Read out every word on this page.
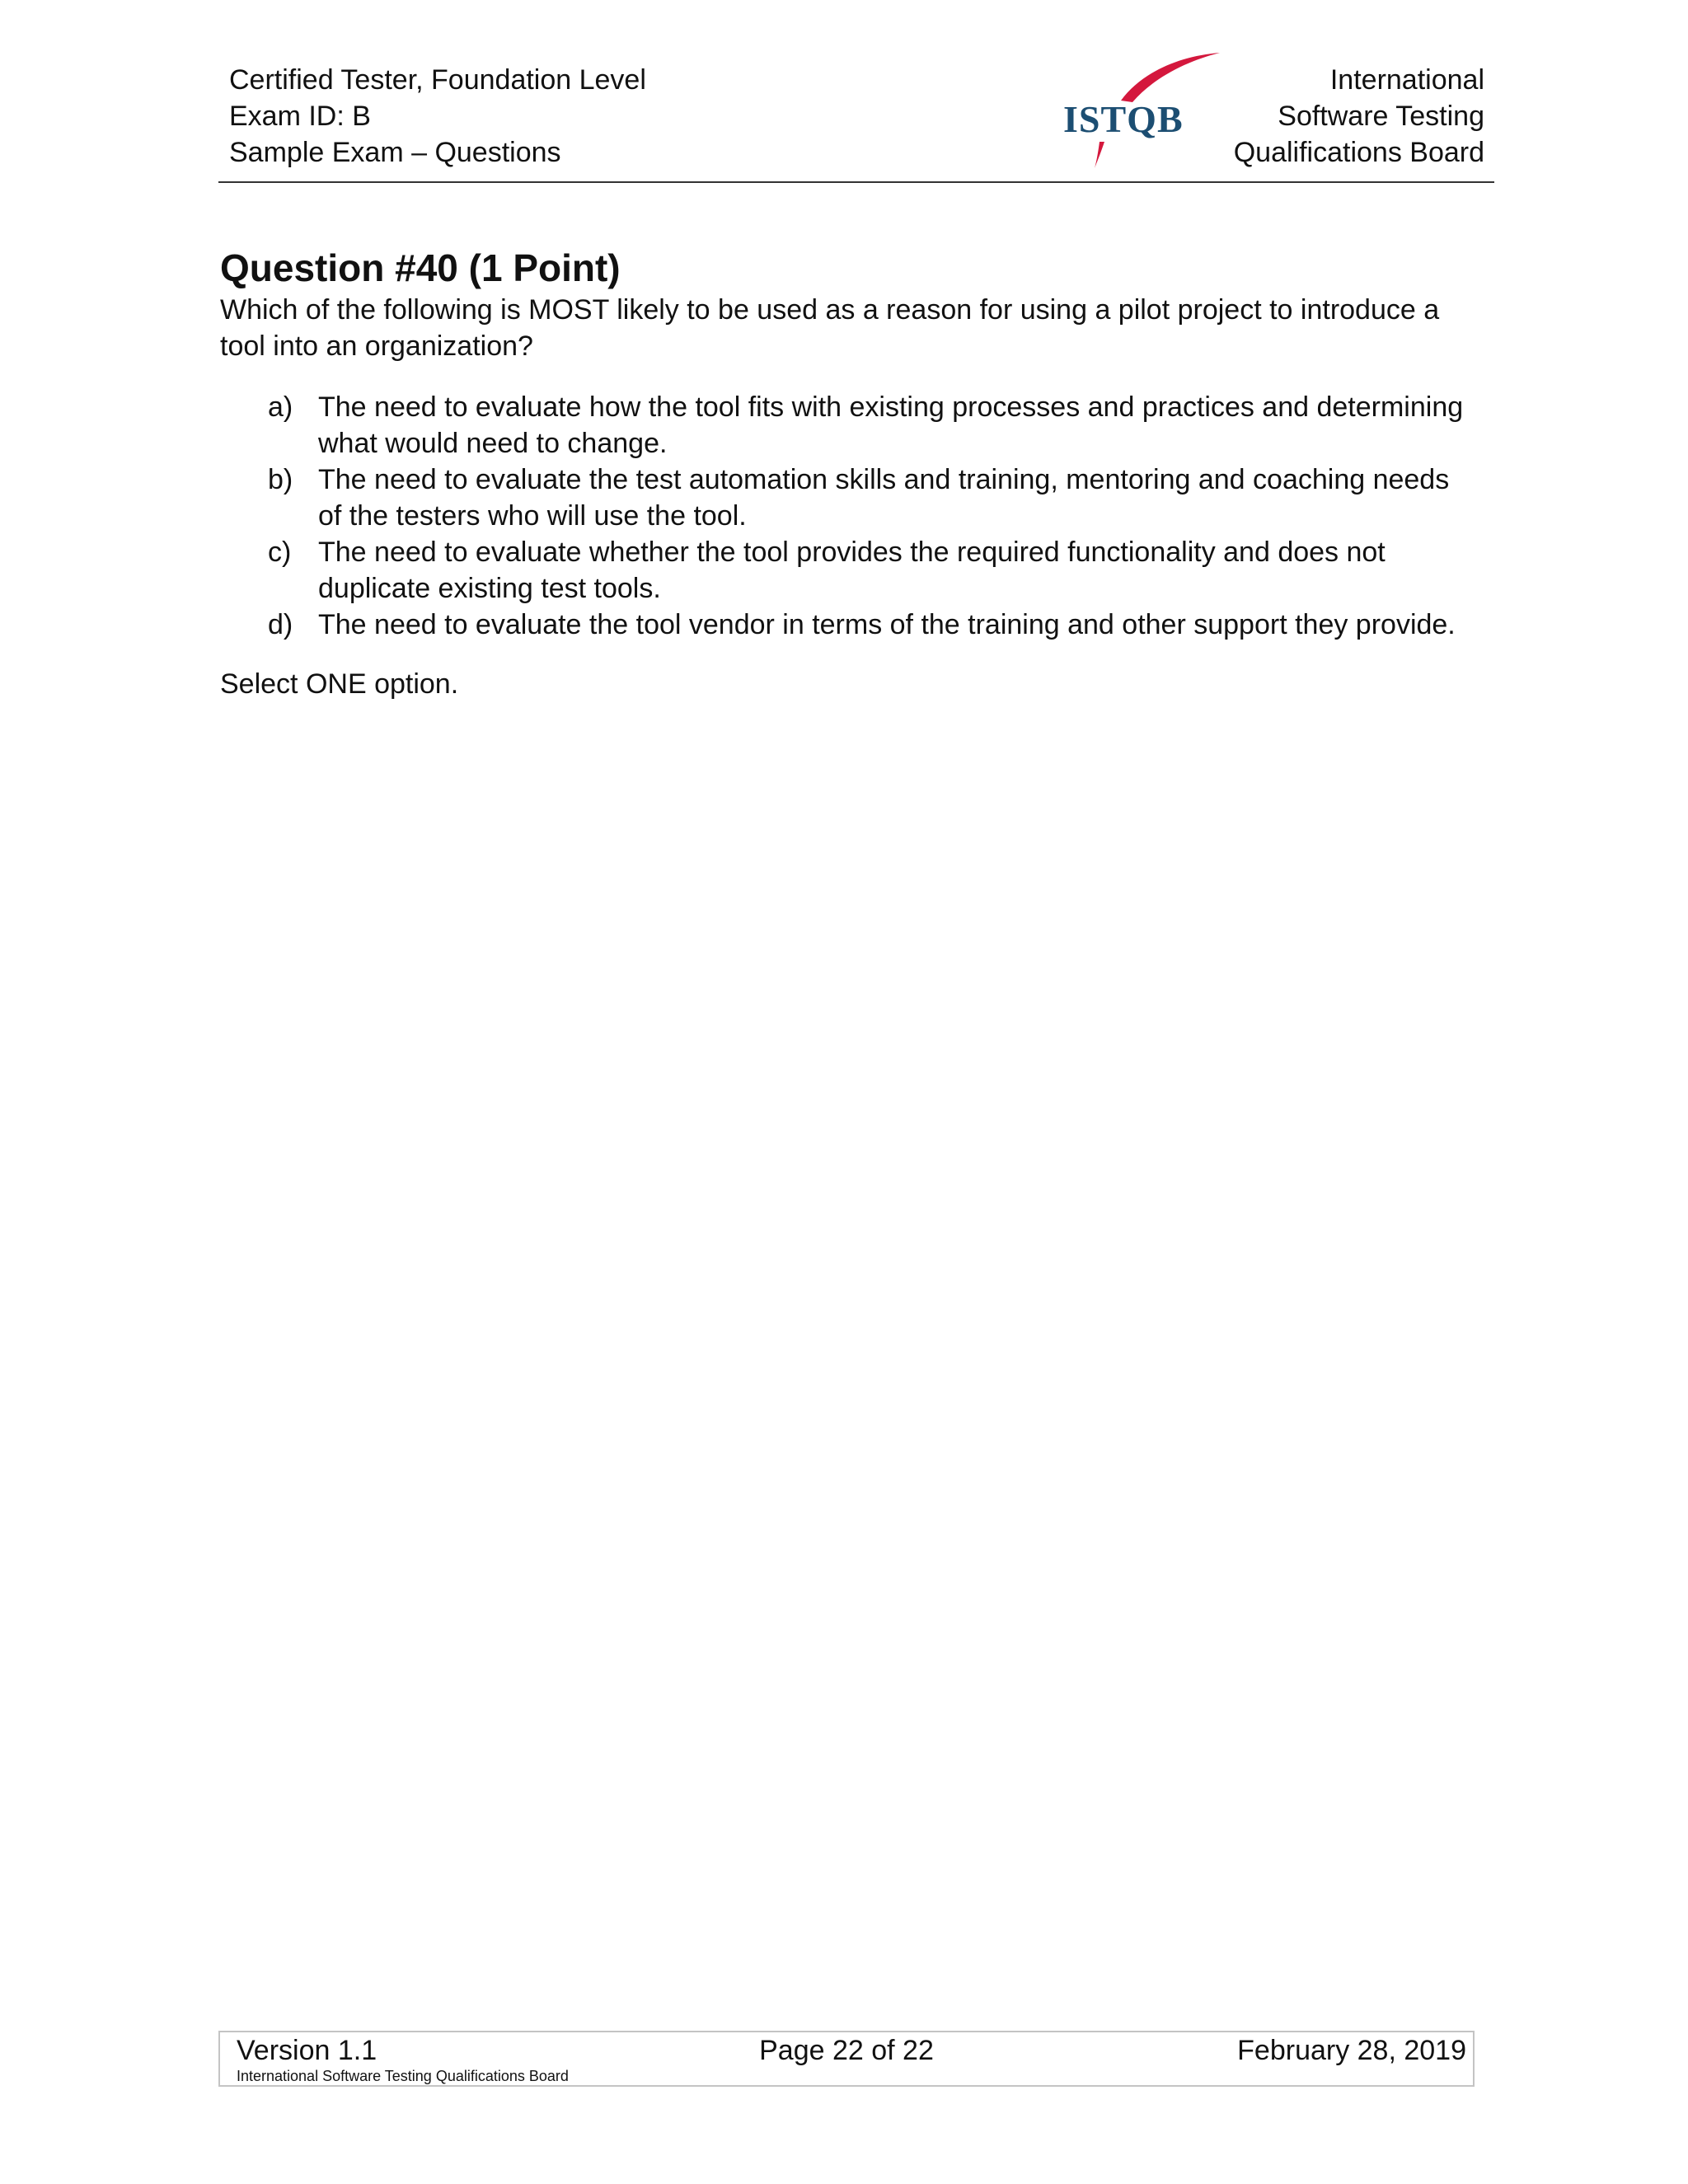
Certified Tester, Foundation Level
Exam ID: B
Sample Exam – Questions
International
Software Testing
Qualifications Board
ISTQB
Question #40 (1 Point)

Which of the following is MOST likely to be used as a reason for using a pilot project to introduce a tool into an organization?

a) The need to evaluate how the tool fits with existing processes and practices and determining what would need to change.
b) The need to evaluate the test automation skills and training, mentoring and coaching needs of the testers who will use the tool.
c) The need to evaluate whether the tool provides the required functionality and does not duplicate existing test tools.
d) The need to evaluate the tool vendor in terms of the training and other support they provide.

Select ONE option.

Version 1.1
International Software Testing Qualifications Board
Page 22 of 22	February 28, 2019
